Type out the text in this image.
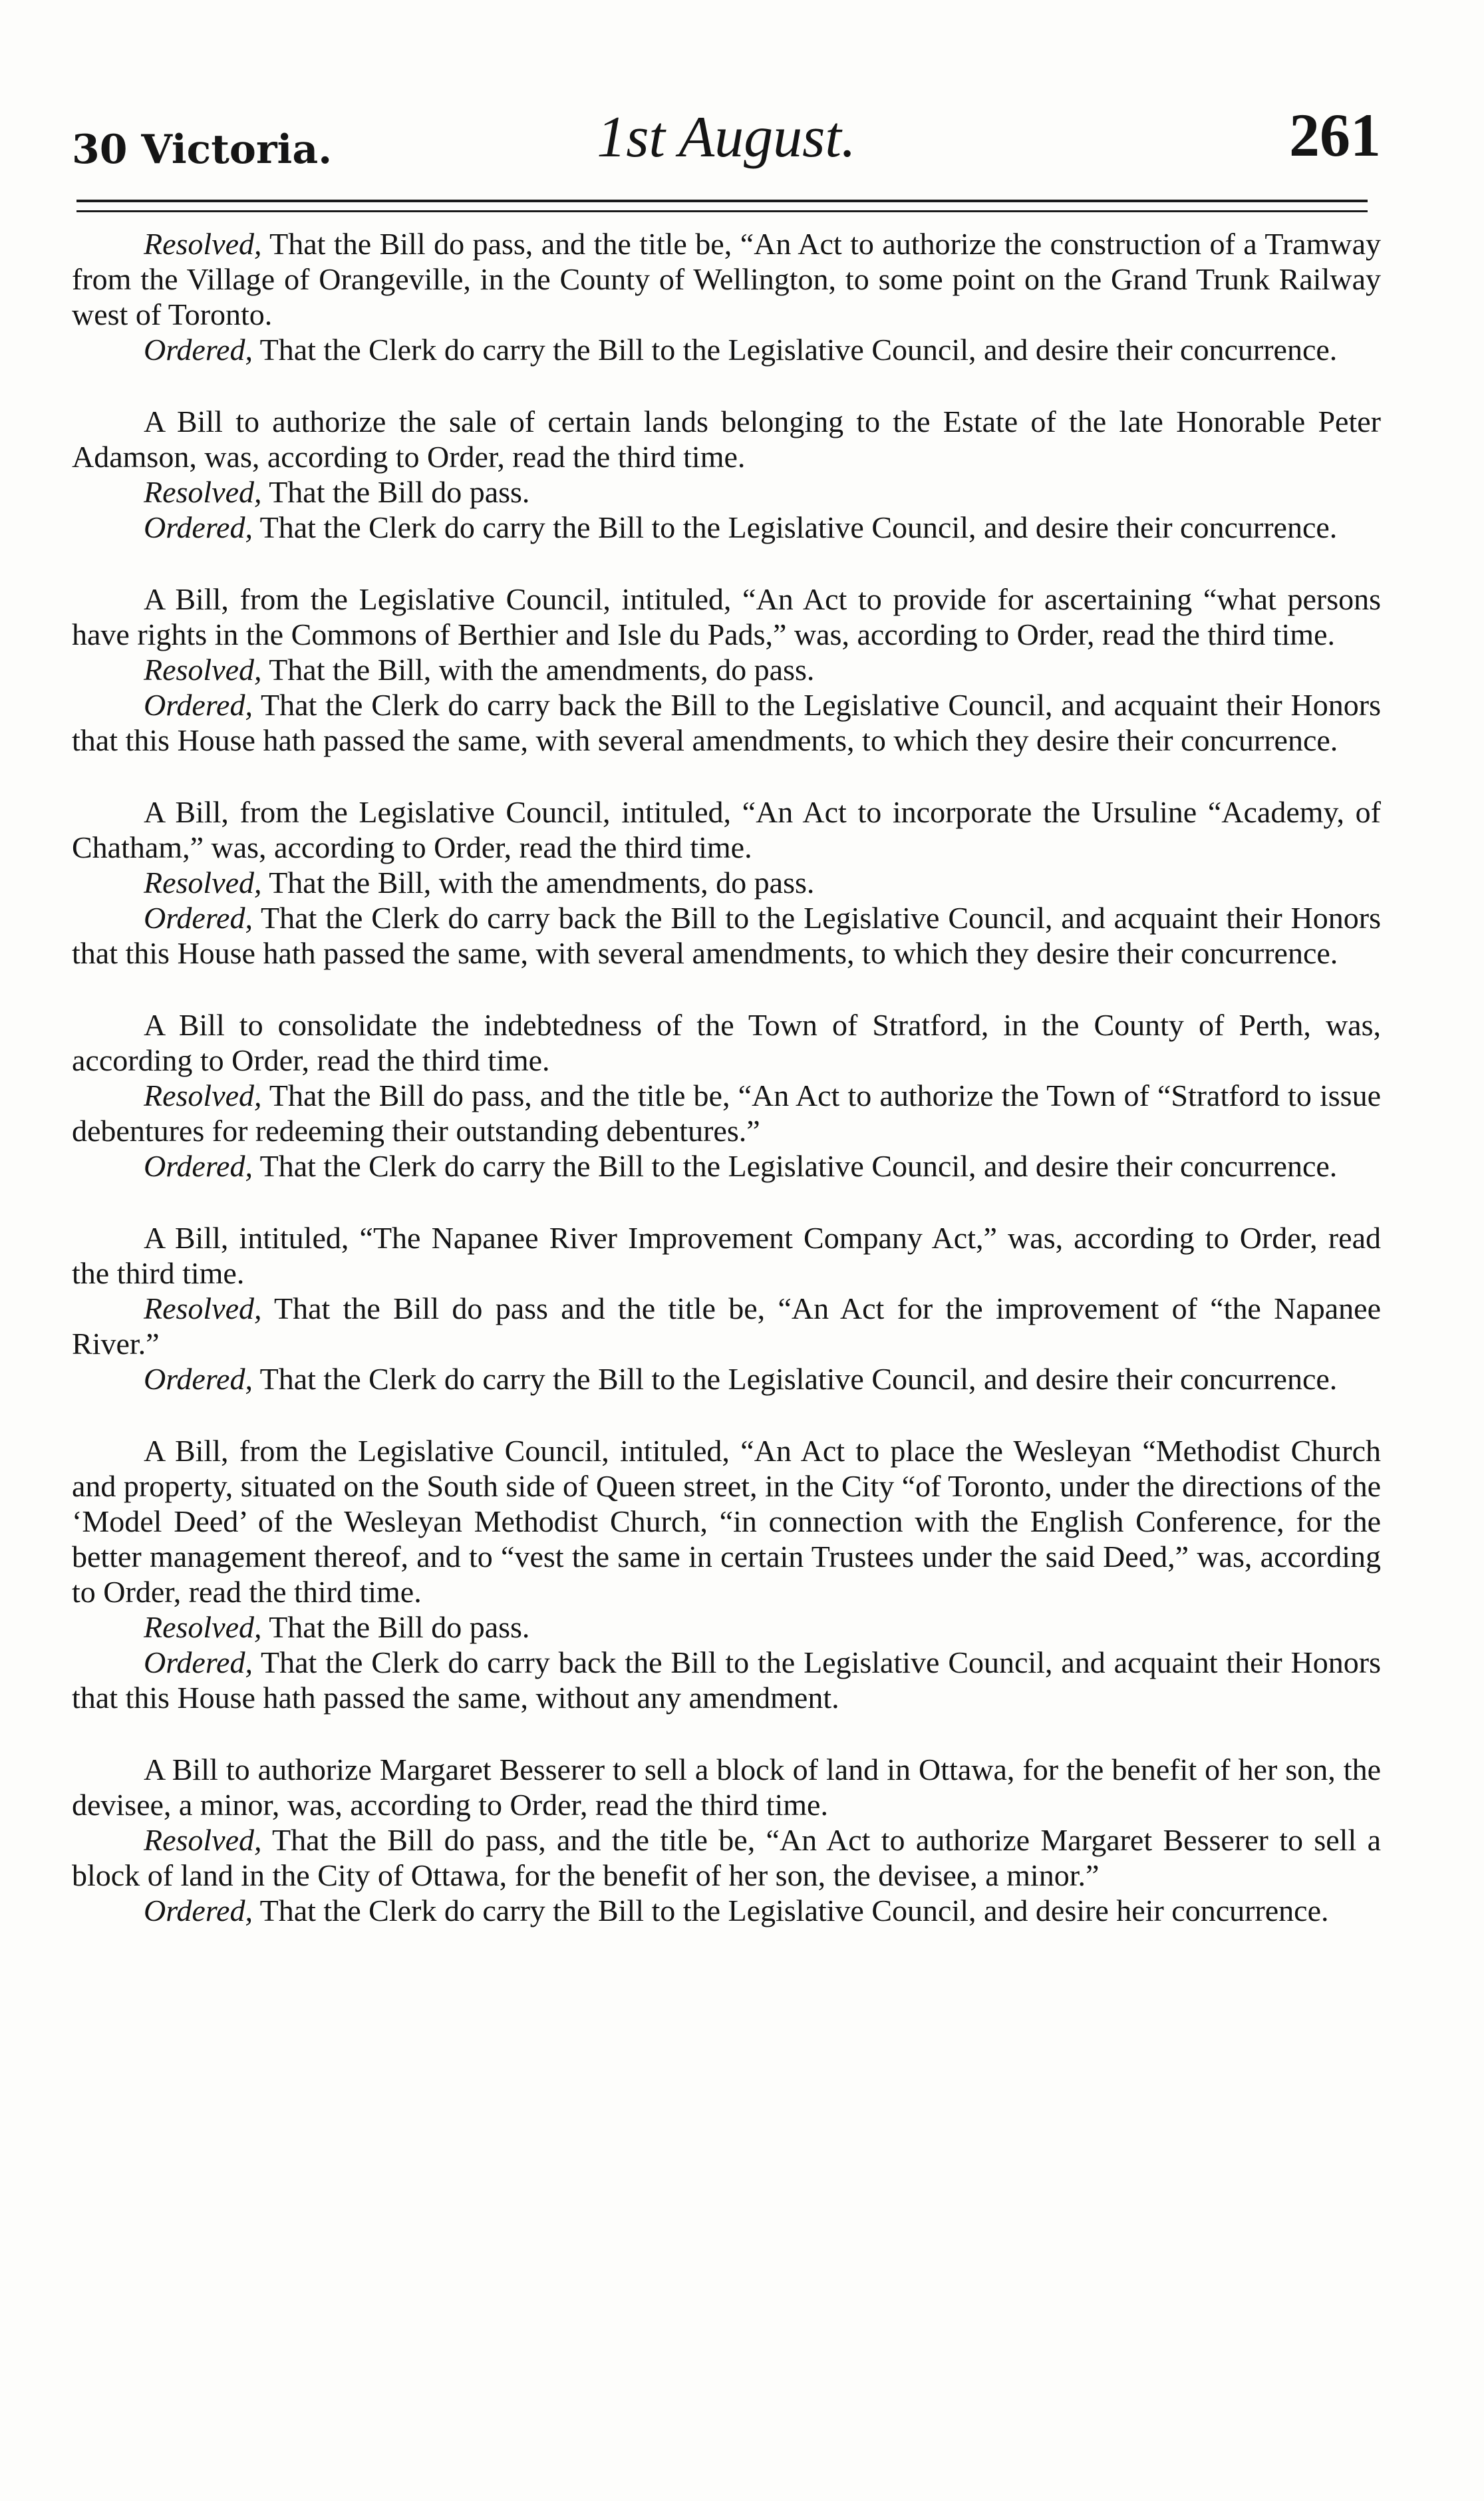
30 Victoria.	1st August.	261

Resolved, That the Bill do pass, and the title be, “An Act to authorize the construction of a Tramway from the Village of Orangeville, in the County of Wellington, to some point on the Grand Trunk Railway west of Toronto.

Ordered, That the Clerk do carry the Bill to the Legislative Council, and desire their concurrence.

A Bill to authorize the sale of certain lands belonging to the Estate of the late Honorable Peter Adamson, was, according to Order, read the third time.

Resolved, That the Bill do pass.

Ordered, That the Clerk do carry the Bill to the Legislative Council, and desire their concurrence.

A Bill, from the Legislative Council, intituled, “An Act to provide for ascertaining “what persons have rights in the Commons of Berthier and Isle du Pads,” was, according to Order, read the third time.

Resolved, That the Bill, with the amendments, do pass.

Ordered, That the Clerk do carry back the Bill to the Legislative Council, and acquaint their Honors that this House hath passed the same, with several amendments, to which they desire their concurrence.

A Bill, from the Legislative Council, intituled, “An Act to incorporate the Ursuline “Academy, of Chatham,” was, according to Order, read the third time.

Resolved, That the Bill, with the amendments, do pass.

Ordered, That the Clerk do carry back the Bill to the Legislative Council, and acquaint their Honors that this House hath passed the same, with several amendments, to which they desire their concurrence.

A Bill to consolidate the indebtedness of the Town of Stratford, in the County of Perth, was, according to Order, read the third time.

Resolved, That the Bill do pass, and the title be, “An Act to authorize the Town of “Stratford to issue debentures for redeeming their outstanding debentures.”

Ordered, That the Clerk do carry the Bill to the Legislative Council, and desire their concurrence.

A Bill, intituled, “The Napanee River Improvement Company Act,” was, according to Order, read the third time.

Resolved, That the Bill do pass and the title be, “An Act for the improvement of “the Napanee River.”

Ordered, That the Clerk do carry the Bill to the Legislative Council, and desire their concurrence.

A Bill, from the Legislative Council, intituled, “An Act to place the Wesleyan “Methodist Church and property, situated on the South side of Queen street, in the City “of Toronto, under the directions of the ‘Model Deed’ of the Wesleyan Methodist Church, “in connection with the English Conference, for the better management thereof, and to “vest the same in certain Trustees under the said Deed,” was, according to Order, read the third time.

Resolved, That the Bill do pass.

Ordered, That the Clerk do carry back the Bill to the Legislative Council, and acquaint their Honors that this House hath passed the same, without any amendment.

A Bill to authorize Margaret Besserer to sell a block of land in Ottawa, for the benefit of her son, the devisee, a minor, was, according to Order, read the third time.

Resolved, That the Bill do pass, and the title be, “An Act to authorize Margaret Besserer to sell a block of land in the City of Ottawa, for the benefit of her son, the devisee, a minor.”

Ordered, That the Clerk do carry the Bill to the Legislative Council, and desire heir concurrence.
